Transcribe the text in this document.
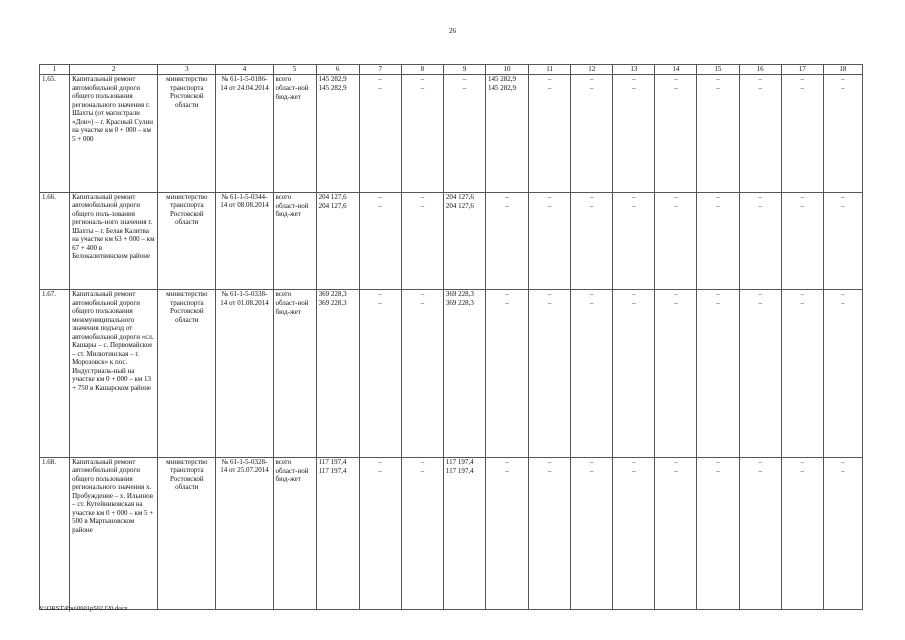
26
1	2	3	4	5	6	7	8	9	10	11	12	13	14	15	16	17	18
1.65.	Капитальный ремонт автомобильной дороги общего пользования регионального значения г. Шахты (от магистрали «Дон») – г. Красный Сулин на участке км 0 + 000 – км 5 + 000	министерство транспорта Ростовской области	№ 61-1-5-0186-14 от 24.04.2014	всего	145 282,9	–	–	–	145 282,9	–	–	–	–	–	–	–	–
				област-ной бюд-жет	145 282,9	–	–	–	145 282,9	–	–	–	–	–	–	–	–
1.66.	Капитальный ремонт автомобильной дороги общего поль-зования региональ-ного значения г. Шахты – г. Белая Калитва на участке км 63 + 000 – км 67 + 400 в Белокалитвинском районе	министерство транспорта Ростовской области	№ 61-1-5-0344-14 от 08.08.2014	всего	204 127,6	–	–	204 127,6	–	–	–	–	–	–	–	–	–
				област-ной бюд-жет	204 127,6	–	–	204 127,6	–	–	–	–	–	–	–	–	–
1.67.	Капитальный ремонт автомобильной дороги общего пользования межмуниципального значения подъезд от автомобильной дороги «сл. Кашары – с. Первомайское – ст. Милютинская – г. Морозовск» к пос. Индустриаль-ный на участке км 0 + 000 – км 13 + 750 в Кашарском районе	министерство транспорта Ростовской области	№ 61-1-5-0338-14 от 01.08.2014	всего	369 228,3	–	–	369 228,3	–	–	–	–	–	–	–	–	–
				област-ной бюд-жет	369 228,3	–	–	369 228,3	–	–	–	–	–	–	–	–	–
1.68.	Капитальный ремонт автомобильной дороги общего пользования регионального значения х. Пробуждение – х. Ильинов – ст. Кутейниковская на участке км 0 + 000 – км 5 + 500 в Мартыновском районе	министерство транспорта Ростовской области	№ 61-1-5-0328-14 от 25.07.2014	всего	117 197,4	–	–	117 197,4	–	–	–	–	–	–	–	–	–
				област-ной бюд-жет	117 197,4	–	–	117 197,4	–	–	–	–	–	–	–	–	–
Y:\ORST\Ppo\0601p502.f20.docx
